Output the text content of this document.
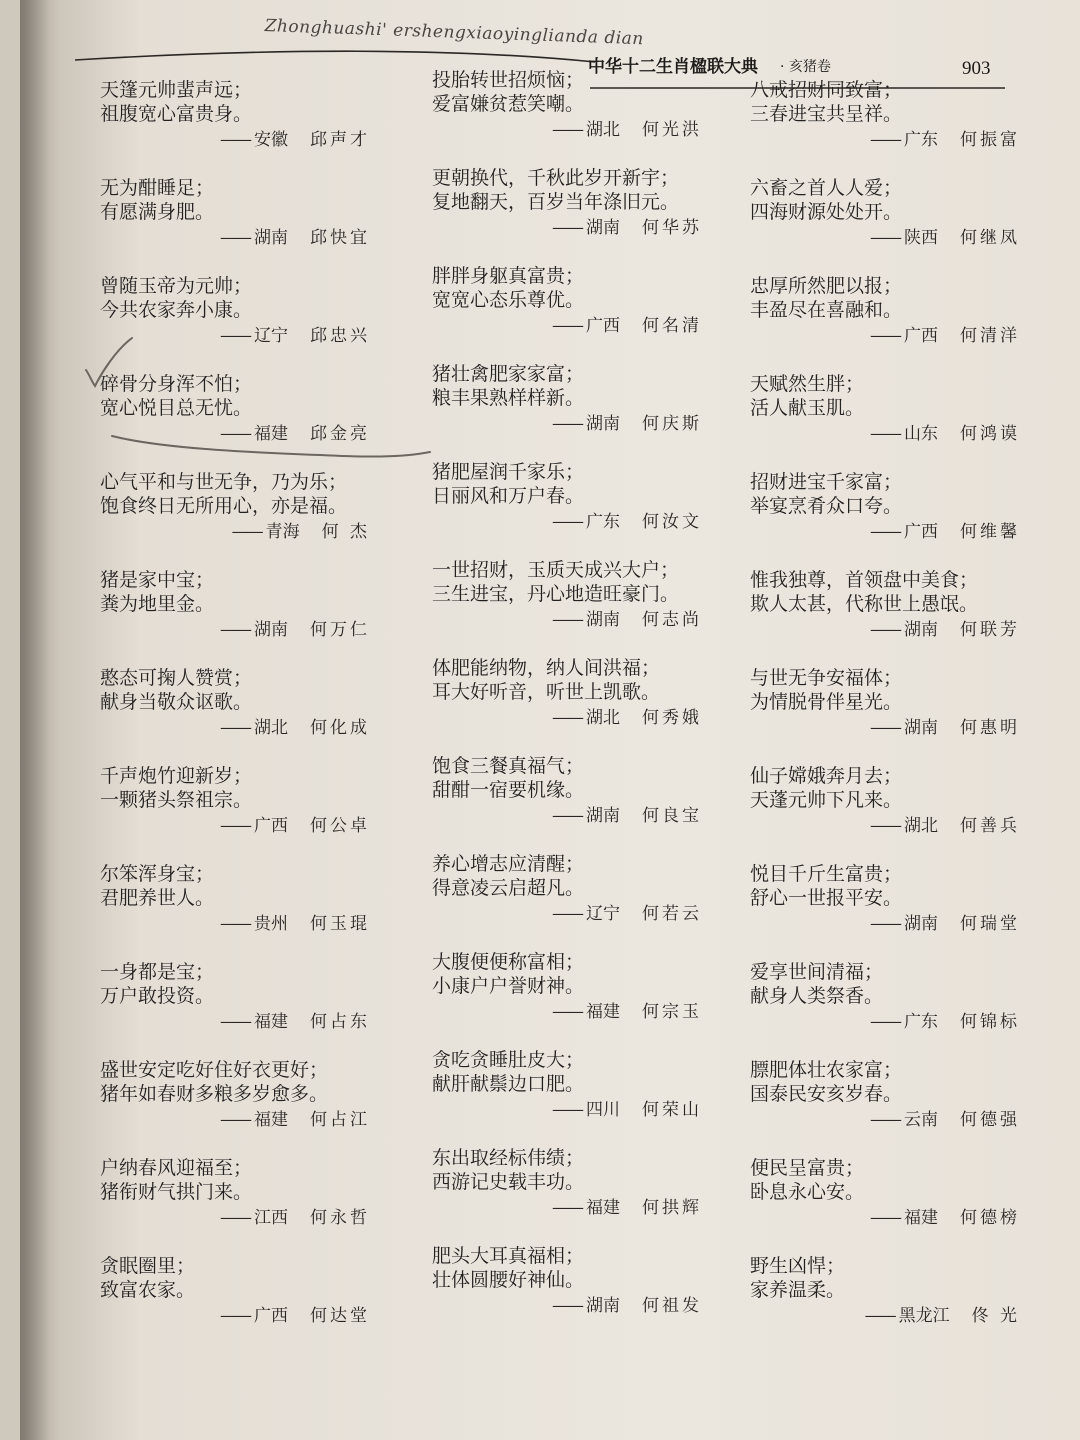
Zhonghuashi' ershengxiaoyinglianda dian
中华十二生肖楹联大典 · 亥猪卷	903
天篷元帅蜚声远；
祖腹宽心富贵身。
—— 安徽 邱声才
无为酣睡足；
有愿满身肥。
—— 湖南 邱快宜
曾随玉帝为元帅；
今共农家奔小康。
—— 辽宁 邱忠兴
碎骨分身浑不怕；
宽心悦目总无忧。
—— 福建 邱金亮
心气平和与世无争，乃为乐；
饱食终日无所用心，亦是福。
—— 青海 何 杰
猪是家中宝；
粪为地里金。
—— 湖南 何万仁
憨态可掬人赞赏；
献身当敬众讴歌。
—— 湖北 何化成
千声炮竹迎新岁；
一颗猪头祭祖宗。
—— 广西 何公卓
尔笨浑身宝；
君肥养世人。
—— 贵州 何玉琨
一身都是宝；
万户敢投资。
—— 福建 何占东
盛世安定吃好住好衣更好；
猪年如春财多粮多岁愈多。
—— 福建 何占江
户纳春风迎福至；
猪衔财气拱门来。
—— 江西 何永哲
贪眠圈里；
致富农家。
—— 广西 何达堂
投胎转世招烦恼；
爱富嫌贫惹笑嘲。
—— 湖北 何光洪
更朝换代，千秋此岁开新宇；
复地翻天，百岁当年涤旧元。
—— 湖南 何华苏
胖胖身躯真富贵；
宽宽心态乐尊优。
—— 广西 何名清
猪壮禽肥家家富；
粮丰果熟样样新。
—— 湖南 何庆斯
猪肥屋润千家乐；
日丽风和万户春。
—— 广东 何汝文
一世招财，玉质天成兴大户；
三生进宝，丹心地造旺豪门。
—— 湖南 何志尚
体肥能纳物，纳人间洪福；
耳大好听音，听世上凯歌。
—— 湖北 何秀娥
饱食三餐真福气；
甜酣一宿要机缘。
—— 湖南 何良宝
养心增志应清醒；
得意凌云启超凡。
—— 辽宁 何若云
大腹便便称富相；
小康户户誉财神。
—— 福建 何宗玉
贪吃贪睡肚皮大；
献肝献鬃边口肥。
—— 四川 何荣山
东出取经标伟绩；
西游记史载丰功。
—— 福建 何拱辉
肥头大耳真福相；
壮体圆腰好神仙。
—— 湖南 何祖发
八戒招财同致富；
三春进宝共呈祥。
—— 广东 何振富
六畜之首人人爱；
四海财源处处开。
—— 陕西 何继凤
忠厚所然肥以报；
丰盈尽在喜融和。
—— 广西 何清洋
天赋然生胖；
活人献玉肌。
—— 山东 何鸿谟
招财进宝千家富；
举宴烹肴众口夸。
—— 广西 何维馨
惟我独尊，首领盘中美食；
欺人太甚，代称世上愚氓。
—— 湖南 何联芳
与世无争安福体；
为情脱骨伴星光。
—— 湖南 何惠明
仙子嫦娥奔月去；
天蓬元帅下凡来。
—— 湖北 何善兵
悦目千斤生富贵；
舒心一世报平安。
—— 湖南 何瑞堂
爱享世间清福；
献身人类祭香。
—— 广东 何锦标
膘肥体壮农家富；
国泰民安亥岁春。
—— 云南 何德强
便民呈富贵；
卧息永心安。
—— 福建 何德榜
野生凶悍；
家养温柔。
—— 黑龙江 佟 光
